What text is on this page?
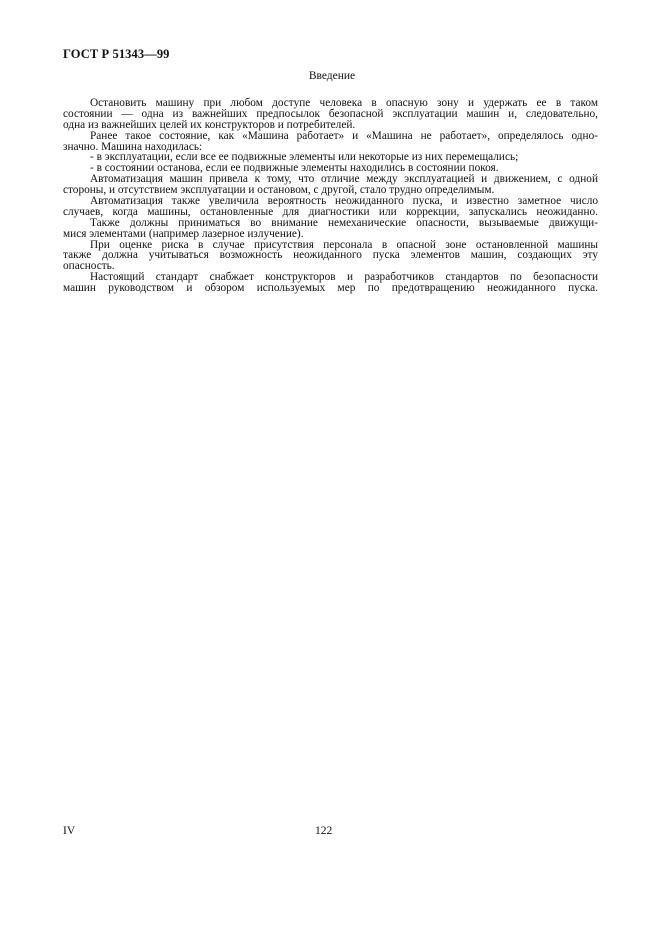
ГОСТ Р 51343—99
Введение
Остановить машину при любом доступе человека в опасную зону и удержать ее в таком
состоянии — одна из важнейших предпосылок безопасной эксплуатации машин и, следовательно,
одна из важнейших целей их конструкторов и потребителей.
Ранее такое состояние, как «Машина работает» и «Машина не работает», определялось одно-
значно. Машина находилась:
- в эксплуатации, если все ее подвижные элементы или некоторые из них перемещались;
- в состоянии останова, если ее подвижные элементы находились в состоянии покоя.
Автоматизация машин привела к тому, что отличие между эксплуатацией и движением, с одной
стороны, и отсутствием эксплуатации и остановом, с другой, стало трудно определимым.
Автоматизация также увеличила вероятность неожиданного пуска, и известно заметное число
случаев, когда машины, остановленные для диагностики или коррекции, запускались неожиданно.
Также должны приниматься во внимание немеханические опасности, вызываемые движущи-
мися элементами (например лазерное излучение).
При оценке риска в случае присутствия персонала в опасной зоне остановленной машины
также должна учитываться возможность неожиданного пуска элементов машин, создающих эту
опасность.
Настоящий стандарт снабжает конструкторов и разработчиков стандартов по безопасности
машин руководством и обзором используемых мер по предотвращению неожиданного пуска.
IV	122
